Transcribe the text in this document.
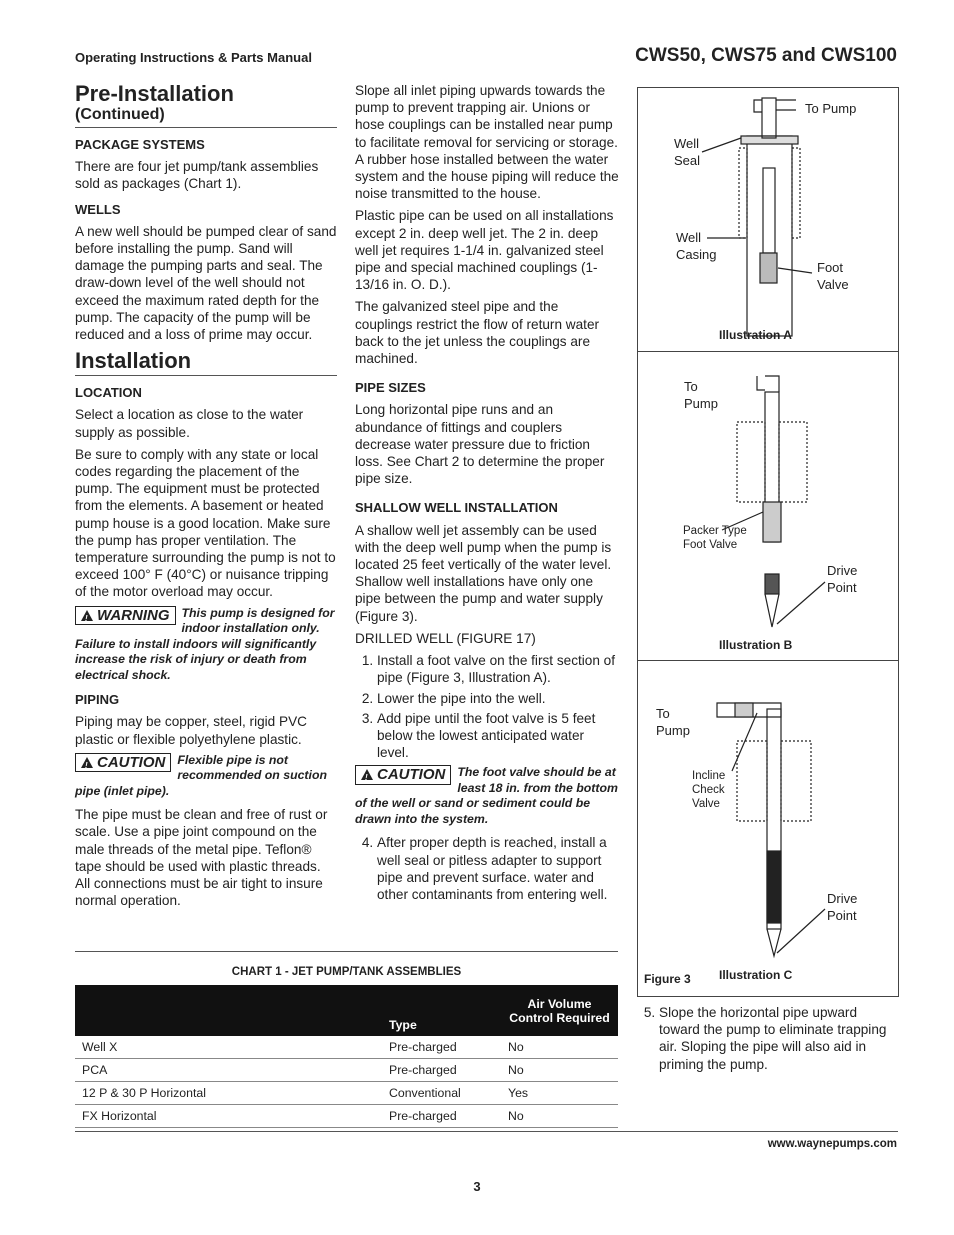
Operating Instructions & Parts Manual	CWS50, CWS75 and CWS100
Pre-Installation
(Continued)
PACKAGE SYSTEMS

There are four jet pump/tank assemblies sold as packages (Chart 1).

WELLS

A new well should be pumped clear of sand before installing the pump. Sand will damage the pumping parts and seal. The draw-down level of the well should not exceed the maximum rated depth for the pump. The capacity of the pump will be reduced and a loss of prime may occur.

Installation
LOCATION

Select a location as close to the water supply as possible.

Be sure to comply with any state or local codes regarding the placement of the pump. The equipment must be protected from the elements. A basement or heated pump house is a good location. Make sure the pump has proper ventilation. The temperature surrounding the pump is not to exceed 100° F (40°C) or nuisance tripping of the motor overload may occur.

!WARNING This pump is designed for indoor installation only. Failure to install indoors will significantly increase the risk of injury or death from electrical shock.
PIPING

Piping may be copper, steel, rigid PVC plastic or flexible polyethylene plastic.

!CAUTION Flexible pipe is not recommended on suction pipe (inlet pipe).

The pipe must be clean and free of rust or scale. Use a pipe joint compound on the male threads of the metal pipe. Teflon® tape should be used with plastic threads. All connections must be air tight to insure normal operation.

Slope all inlet piping upwards towards the pump to prevent trapping air. Unions or hose couplings can be installed near pump to facilitate removal for servicing or storage. A rubber hose installed between the water system and the house piping will reduce the noise transmitted to the house.

Plastic pipe can be used on all installations except 2 in. deep well jet. The 2 in. deep well jet requires 1-1/4 in. galvanized steel pipe and special machined couplings (1-13/16 in. O. D.).

The galvanized steel pipe and the couplings restrict the flow of return water back to the jet unless the couplings are machined.

PIPE SIZES

Long horizontal pipe runs and an abundance of fittings and couplers decrease water pressure due to friction loss. See Chart 2 to determine the proper pipe size.

SHALLOW WELL INSTALLATION

A shallow well jet assembly can be used with the deep well pump when the pump is located 25 feet vertically of the water level. Shallow well installations have only one pipe between the pump and water supply (Figure 3).

DRILLED WELL (FIGURE 17)

1. Install a foot valve on the first section of pipe (Figure 3, Illustration A).
2. Lower the pipe into the well.
3. Add pipe until the foot valve is 5 feet below the lowest anticipated water level.
!CAUTION The foot valve should be at least 18 in. from the bottom of the well or sand or sediment could be drawn into the system.
4. After proper depth is reached, install a well seal or pitless adapter to support pipe and prevent surface. water and other contaminants from entering well.
To Pump
Well Seal
Well Casing
Foot Valve
Illustration A
To Pump
Packer Type Foot Valve
Drive Point
Illustration B
To Pump
Incline Check Valve
Drive Point
Figure 3 Illustration C
5. Slope the horizontal pipe upward toward the pump to eliminate trapping air. Sloping the pipe will also aid in priming the pump.
CHART 1 - JET PUMP/TANK ASSEMBLIES
	Type	Air Volume Control Required
Well X	Pre-charged	No
PCA	Pre-charged	No
12 P & 30 P Horizontal	Conventional	Yes
FX Horizontal	Pre-charged	No
www.waynepumps.com
3
